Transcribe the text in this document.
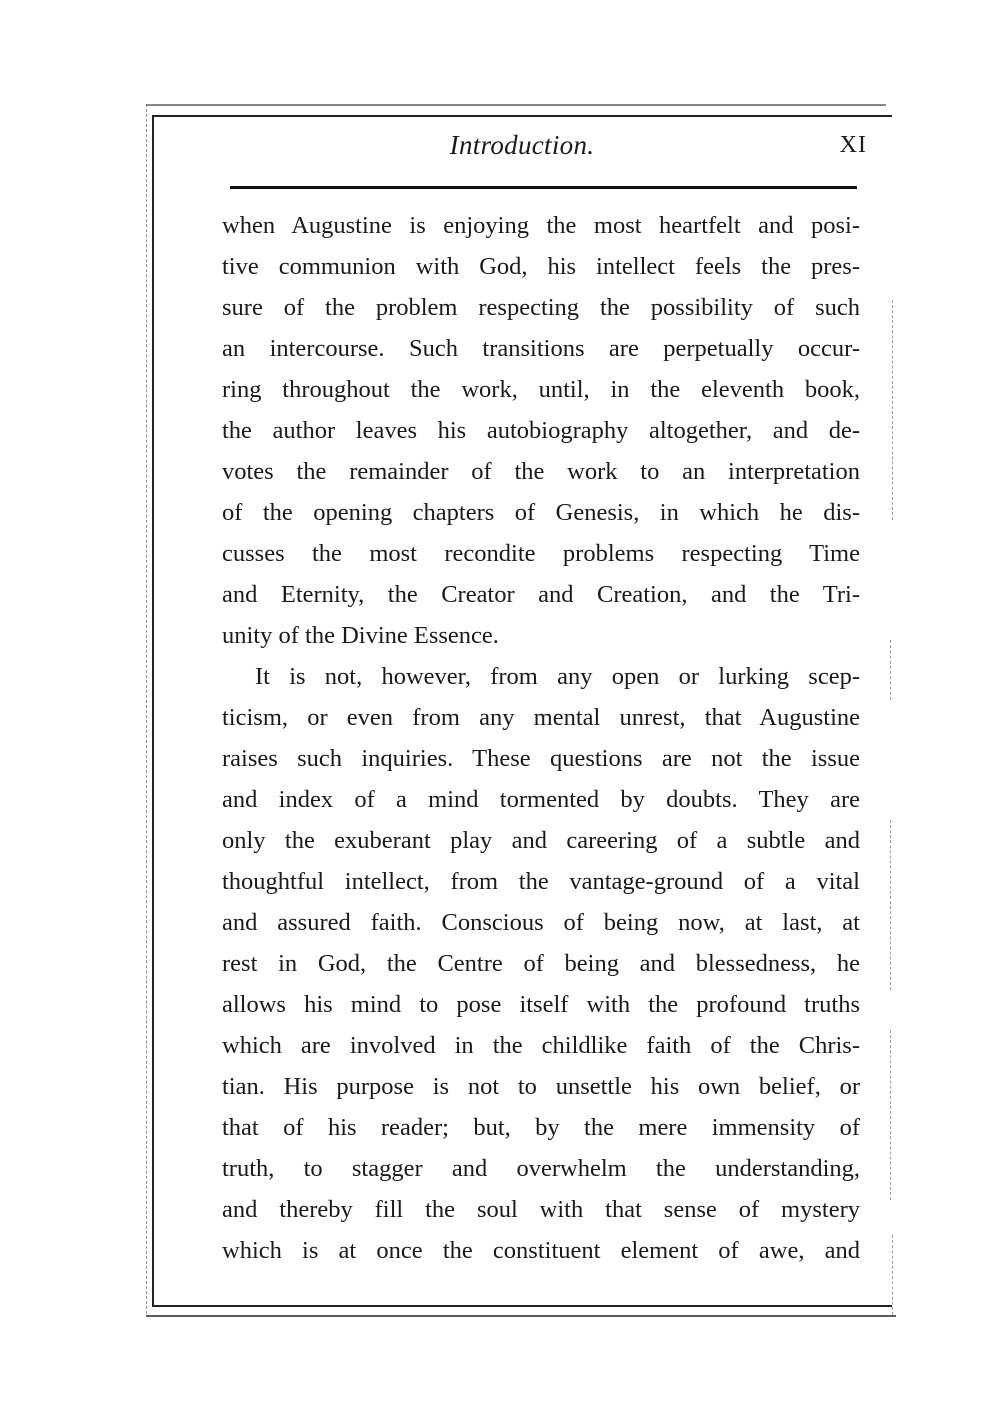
Introduction.	XI
when Augustine is enjoying the most heartfelt and posi-
tive communion with God, his intellect feels the pres-
sure of the problem respecting the possibility of such
an intercourse. Such transitions are perpetually occur-
ring throughout the work, until, in the eleventh book,
the author leaves his autobiography altogether, and de-
votes the remainder of the work to an interpretation
of the opening chapters of Genesis, in which he dis-
cusses the most recondite problems respecting Time
and Eternity, the Creator and Creation, and the Tri-
unity of the Divine Essence.
It is not, however, from any open or lurking scep-
ticism, or even from any mental unrest, that Augustine
raises such inquiries. These questions are not the issue
and index of a mind tormented by doubts. They are
only the exuberant play and careering of a subtle and
thoughtful intellect, from the vantage-ground of a vital
and assured faith. Conscious of being now, at last, at
rest in God, the Centre of being and blessedness, he
allows his mind to pose itself with the profound truths
which are involved in the childlike faith of the Chris-
tian. His purpose is not to unsettle his own belief, or
that of his reader; but, by the mere immensity of
truth, to stagger and overwhelm the understanding,
and thereby fill the soul with that sense of mystery
which is at once the constituent element of awe, and
